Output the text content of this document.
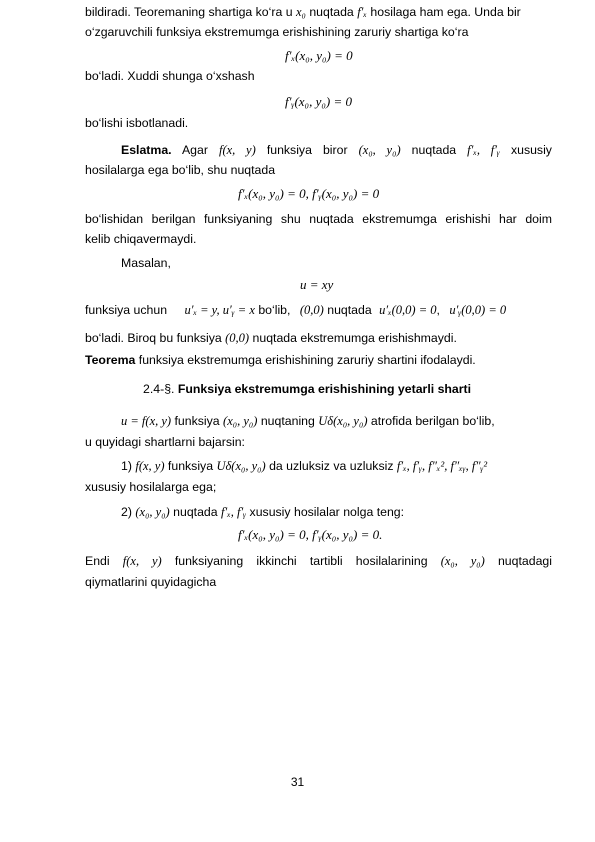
bildiradi. Teoremaning shartiga ko‘ra u x₀ nuqtada f′ₓ hosilaga ham ega. Unda bir
o‘zgaruvchili funksiya ekstremumga erishishining zaruriy shartiga ko‘ra
f′ₓ(x₀, y₀) = 0
bo‘ladi. Xuddi shunga o‘xshash
f′ᵧ(x₀, y₀) = 0
bo‘lishi isbotlanadi.
Eslatma. Agar f(x, y) funksiya biror (x₀, y₀) nuqtada f′ₓ, f′ᵧ xususiy
hosilalarga ega bo‘lib, shu nuqtada
f′ₓ(x₀, y₀) = 0, f′ᵧ(x₀, y₀) = 0
bo‘lishidan berilgan funksiyaning shu nuqtada ekstremumga erishishi har doim
kelib chiqavermaydi.
Masalan,
u = xy
funksiya uchun u′ₓ = y, u′ᵧ = x bo‘lib, (0,0) nuqtada u′ₓ(0,0) = 0, u′ᵧ(0,0) = 0
bo‘ladi. Biroq bu funksiya (0,0) nuqtada ekstremumga erishishmaydi.
Teorema funksiya ekstremumga erishishining zaruriy shartini ifodalaydi.
2.4-§. Funksiya ekstremumga erishishining yetarli sharti
u = f(x, y) funksiya (x₀, y₀) nuqtaning Uδ(x₀, y₀) atrofida berilgan bo‘lib,
u quyidagi shartlarni bajarsin:
1) f(x, y) funksiya Uδ(x₀, y₀) da uzluksiz va uzluksiz f′ₓ, f′ᵧ, f″ₓ², f″ₓᵧ, f″ᵧ²
xususiy hosilalarga ega;
2) (x₀, y₀) nuqtada f′ₓ, f′ᵧ xususiy hosilalar nolga teng:
f′ₓ(x₀, y₀) = 0, f′ᵧ(x₀, y₀) = 0.
Endi f(x, y) funksiyaning ikkinchi tartibli hosilalarining (x₀, y₀) nuqtadagi
qiymatlarini quyidagicha
31
